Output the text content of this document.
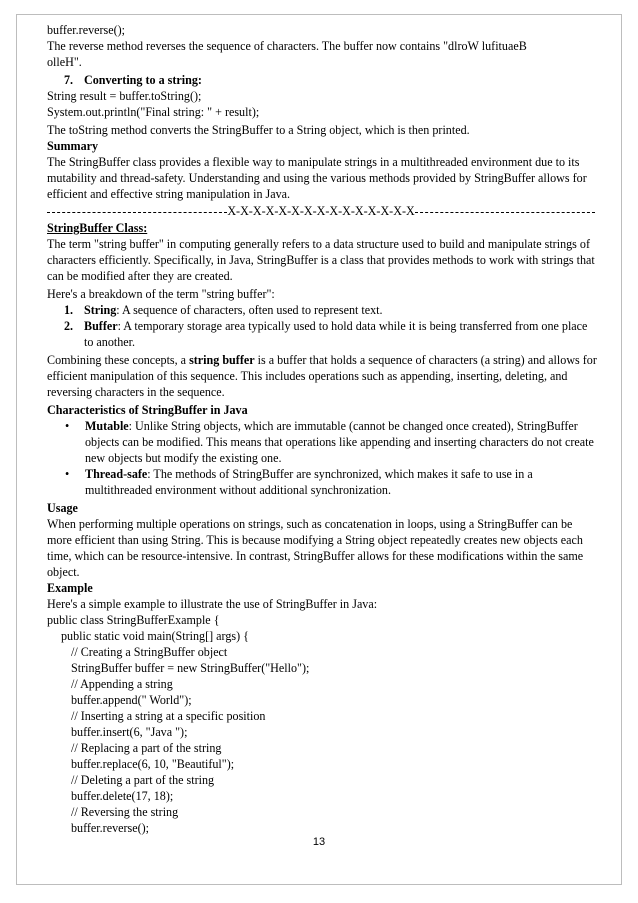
buffer.reverse();
The reverse method reverses the sequence of characters. The buffer now contains "dlroW lufituaeB
olleH".
7. Converting to a string:
String result = buffer.toString();
System.out.println("Final string: " + result);
The toString method converts the StringBuffer to a String object, which is then printed.
Summary
The StringBuffer class provides a flexible way to manipulate strings in a multithreaded environment due to its mutability and thread-safety. Understanding and using the various methods provided by StringBuffer allows for efficient and effective string manipulation in Java.
X-X-X-X-X-X-X-X-X-X-X-X-X-X-X
StringBuffer Class:
The term "string buffer" in computing generally refers to a data structure used to build and manipulate strings of characters efficiently. Specifically, in Java, StringBuffer is a class that provides methods to work with strings that can be modified after they are created.
Here's a breakdown of the term "string buffer":
1. String: A sequence of characters, often used to represent text.
2. Buffer: A temporary storage area typically used to hold data while it is being transferred from one place to another.
Combining these concepts, a string buffer is a buffer that holds a sequence of characters (a string) and allows for efficient manipulation of this sequence. This includes operations such as appending, inserting, deleting, and reversing characters in the sequence.
Characteristics of StringBuffer in Java
•	Mutable: Unlike String objects, which are immutable (cannot be changed once created), StringBuffer objects can be modified. This means that operations like appending and inserting characters do not create new objects but modify the existing one.
•	Thread-safe: The methods of StringBuffer are synchronized, which makes it safe to use in a multithreaded environment without additional synchronization.
Usage
When performing multiple operations on strings, such as concatenation in loops, using a StringBuffer can be more efficient than using String. This is because modifying a String object repeatedly creates new objects each time, which can be resource-intensive. In contrast, StringBuffer allows for these modifications within the same object.
Example
Here's a simple example to illustrate the use of StringBuffer in Java:
public class StringBufferExample {
public static void main(String[] args) {
// Creating a StringBuffer object
StringBuffer buffer = new StringBuffer("Hello");
// Appending a string
buffer.append(" World");
// Inserting a string at a specific position
buffer.insert(6, "Java ");
// Replacing a part of the string
buffer.replace(6, 10, "Beautiful");
// Deleting a part of the string
buffer.delete(17, 18);
// Reversing the string
buffer.reverse();
13
